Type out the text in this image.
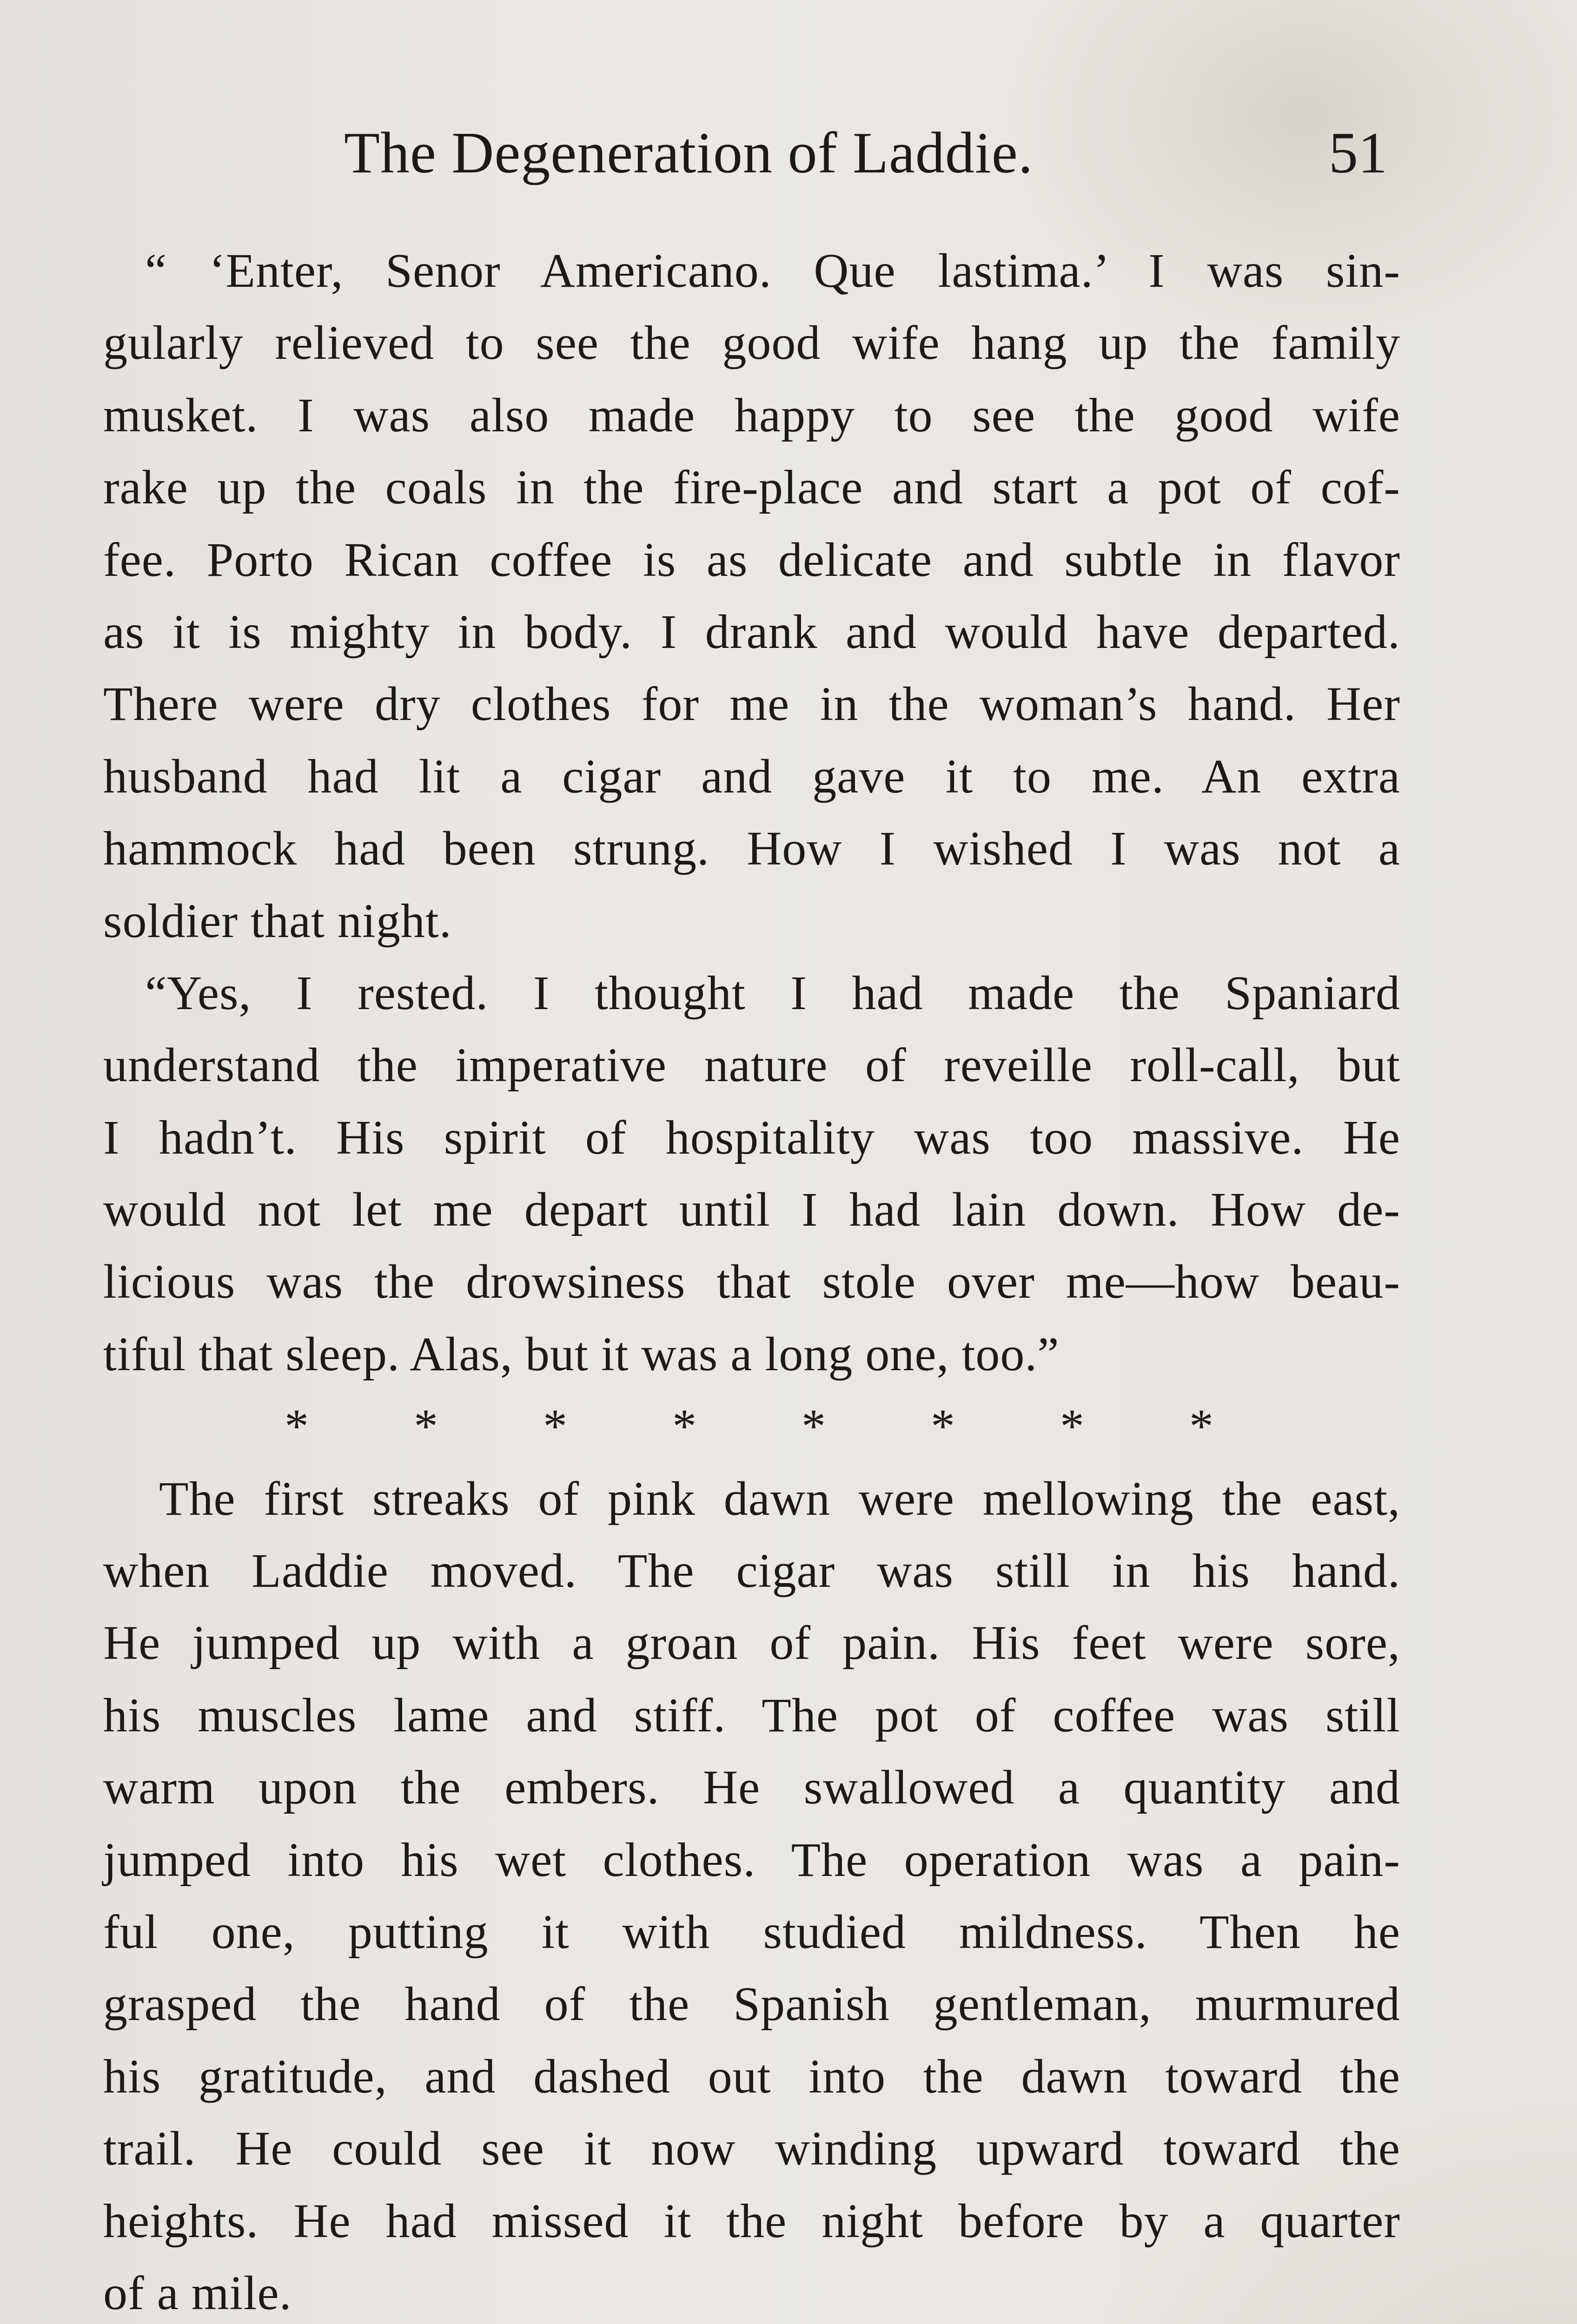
The Degeneration of Laddie.	51
“ ‘Enter, Senor Americano. Que lastima.’ I was sin-
gularly relieved to see the good wife hang up the family
musket. I was also made happy to see the good wife
rake up the coals in the fire-place and start a pot of cof-
fee. Porto Rican coffee is as delicate and subtle in flavor
as it is mighty in body. I drank and would have departed.
There were dry clothes for me in the woman’s hand. Her
husband had lit a cigar and gave it to me. An extra
hammock had been strung. How I wished I was not a
soldier that night.
“Yes, I rested. I thought I had made the Spaniard
understand the imperative nature of reveille roll-call, but
I hadn’t. His spirit of hospitality was too massive. He
would not let me depart until I had lain down. How de-
licious was the drowsiness that stole over me—how beau-
tiful that sleep. Alas, but it was a long one, too.”
* * * * * * * *
The first streaks of pink dawn were mellowing the east,
when Laddie moved. The cigar was still in his hand.
He jumped up with a groan of pain. His feet were sore,
his muscles lame and stiff. The pot of coffee was still
warm upon the embers. He swallowed a quantity and
jumped into his wet clothes. The operation was a pain-
ful one, putting it with studied mildness. Then he
grasped the hand of the Spanish gentleman, murmured
his gratitude, and dashed out into the dawn toward the
trail. He could see it now winding upward toward the
heights. He had missed it the night before by a quarter
of a mile.
